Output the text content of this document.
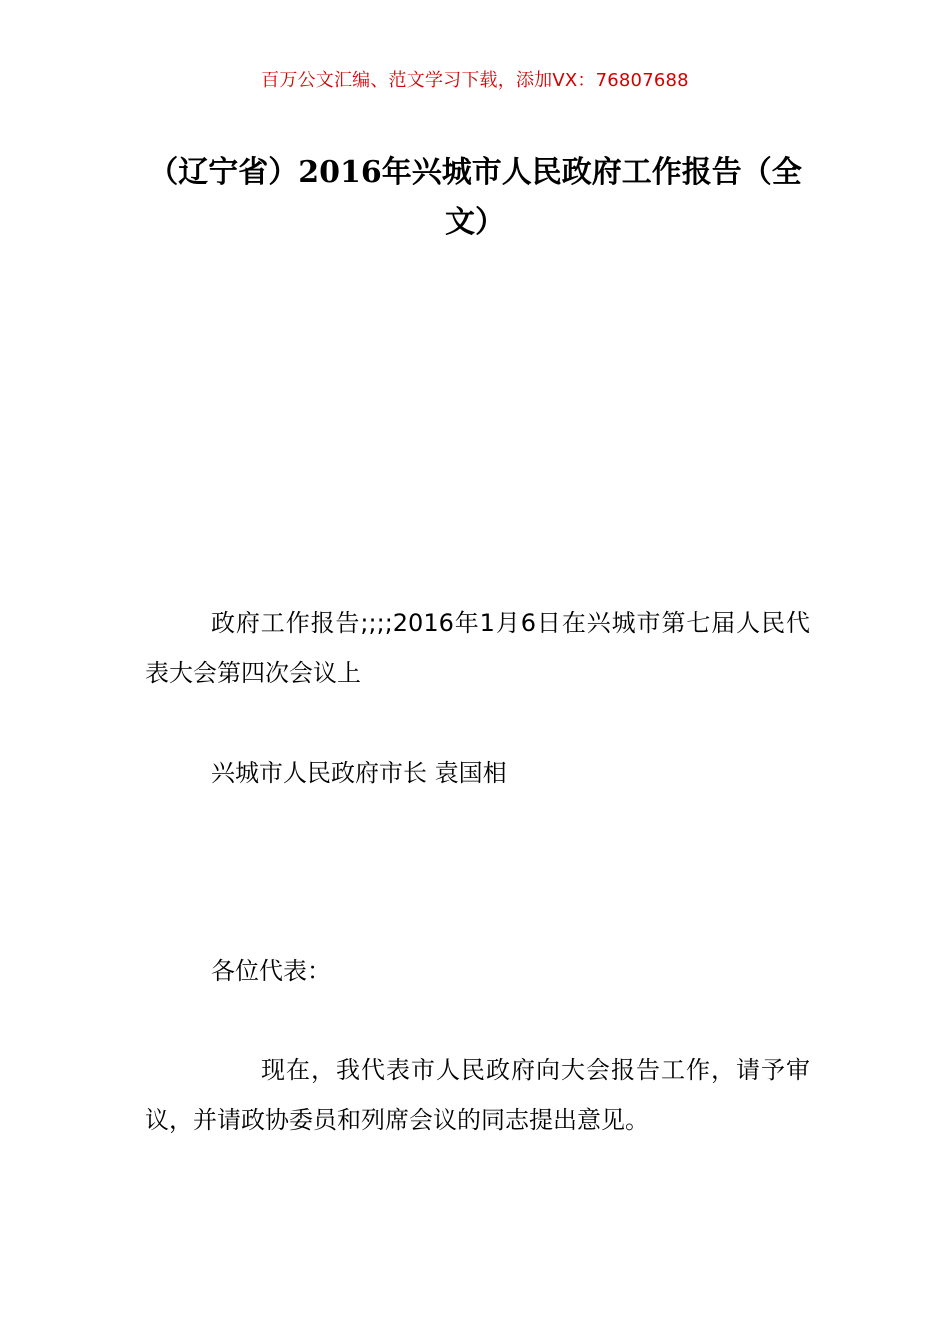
百万公文汇编、范文学习下载，添加VX：76807688
（辽宁省）2016年兴城市人民政府工作报告（全文）

政府工作报告;;;;2016年1月6日在兴城市第七届人民代表大会第四次会议上

兴城市人民政府市长 袁国相

各位代表：

现在，我代表市人民政府向大会报告工作，请予审议，并请政协委员和列席会议的同志提出意见。
